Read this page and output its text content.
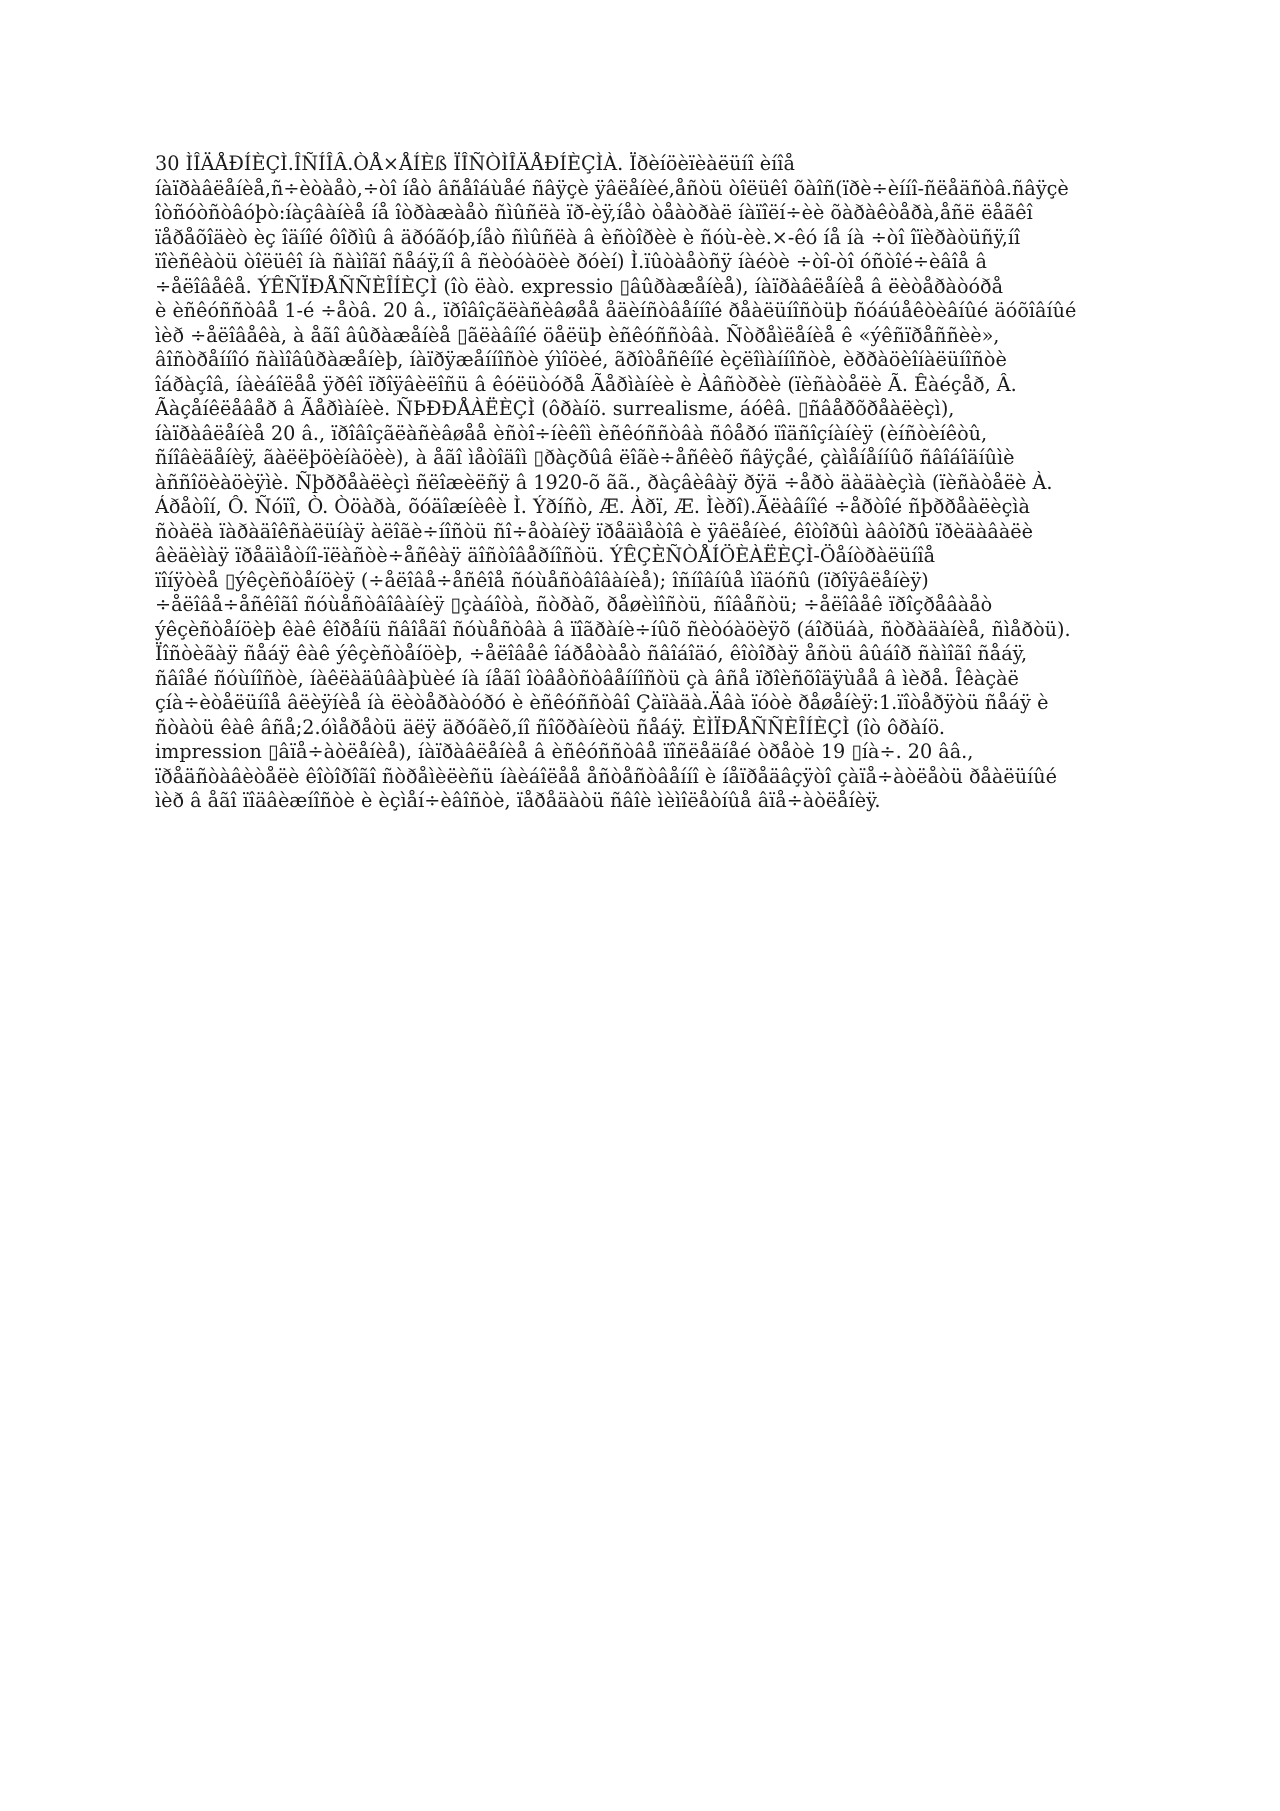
30 ÌÎÄÅÐÍÈÇÌ.ÎÑÍÎÂ.ÒÅ×ÅÍÈß ÏÎÑÒÌÎÄÅÐÍÈÇÌÀ. Ïðèíöèïèàëüíî èíîå
íàïðàâëåíèå,ñ÷èòàåò,÷òî íåò âñåîáùåé ñâÿçè ÿâëåíèé,åñòü òîëüêî õàîñ(ïðè÷èííî-ñëåäñòâ.ñâÿçè
îòñóòñòâóþò:íàçâàíèå íå îòðàæàåò ñìûñëà ïð-èÿ,íåò òåàòðàë íàïîëí÷èè õàðàêòåðà,åñë ëåãêî
ïåðåõîäèò èç îäíîé ôîðìû â äðóãóþ,íåò ñìûñëà â èñòîðèè è ñóù-èè.×-êó íå íà ÷òî îïèðàòüñÿ,íî
ïîèñêàòü òîëüêî íà ñàìîãî ñåáÿ,íî â ñèòóàöèè ðóèí) Ì.ïûòàåòñÿ íàéòè ÷òî-òî óñòîé÷èâîå â
÷åëîâåêå. ÝÊÑÏÐÅÑÑÈÎÍÈÇÌ (îò ëàò. expressio ▯âûðàæåíèå), íàïðàâëåíèå â ëèòåðàòóðå
è èñêóññòâå 1-é ÷åòâ. 20 â., ïðîâîçãëàñèâøåå åäèíñòâåííîé ðåàëüíîñòüþ ñóáúåêòèâíûé äóõîâíûé
ìèð ÷åëîâåêà, à åãî âûðàæåíèå ▯ãëàâíîé öåëüþ èñêóññòâà. Ñòðåìëåíèå ê «ýêñïðåññèè»,
âîñòðåííîó ñàìîâûðàæåíèþ, íàïðÿæåííîñòè ýìîöèé, ãðîòåñêíîé èçëîìàííîñòè, èððàöèîíàëüíîñòè
îáðàçîâ, íàèáîëåå ÿðêî ïðîÿâèëîñü â êóëüòóðå Ãåðìàíèè è Àâñòðèè (ïèñàòåëè Ã. Êàéçåð, Â.
Ãàçåíêëåâåð â Ãåðìàíèè. ÑÞÐÐÅÀËÈÇÌ (ôðàíö. surrealisme, áóêâ. ▯ñâåðõðåàëèçì),
íàïðàâëåíèå 20 â., ïðîâîçãëàñèâøåå èñòî÷íèêîì èñêóññòâà ñôåðó ïîäñîçíàíèÿ (èíñòèíêòû,
ñíîâèäåíèÿ, ãàëëþöèíàöèè), à åãî ìåòîäîì ▯ðàçðûâ ëîãè÷åñêèõ ñâÿçåé, çàìåíåííûõ ñâîáîäíûìè
àññîöèàöèÿìè. Ñþððåàëèçì ñëîæèëñÿ â 1920-õ ãã., ðàçâèâàÿ ðÿä ÷åðò äàäàèçìà (ïèñàòåëè À.
Áðåòîí, Ô. Ñóïî, Ò. Òöàðà, õóäîæíèêè Ì. Ýðíñò, Æ. Àðï, Æ. Ìèðî).Ãëàâíîé ÷åðòîé ñþððåàëèçìà
ñòàëà ïàðàäîêñàëüíàÿ àëîãè÷íîñòü ñî÷åòàíèÿ ïðåäìåòîâ è ÿâëåíèé, êîòîðûì àâòîðû ïðèäàâàëè
âèäèìàÿ ïðåäìåòíî-ïëàñòè÷åñêàÿ äîñòîâåðíîñòü. ÝÊÇÈÑÒÅÍÖÈÀËÈÇÌ-Öåíòðàëüíîå
ïîíÿòèå ▯ýêçèñòåíöèÿ (÷åëîâå÷åñêîå ñóùåñòâîâàíèå); îñíîâíûå ìîäóñû (ïðîÿâëåíèÿ)
÷åëîâå÷åñêîãî ñóùåñòâîâàíèÿ ▯çàáîòà, ñòðàõ, ðåøèìîñòü, ñîâåñòü; ÷åëîâåê ïðîçðåâàåò
ýêçèñòåíöèþ êàê êîðåíü ñâîåãî ñóùåñòâà â ïîãðàíè÷íûõ ñèòóàöèÿõ (áîðüáà, ñòðàäàíèå, ñìåðòü).
Ïîñòèãàÿ ñåáÿ êàê ýêçèñòåíöèþ, ÷åëîâåê îáðåòàåò ñâîáîäó, êîòîðàÿ åñòü âûáîð ñàìîãî ñåáÿ,
ñâîåé ñóùíîñòè, íàêëàäûâàþùèé íà íåãî îòâåòñòâåííîñòü çà âñå ïðîèñõîäÿùåå â ìèðå. Îêàçàë
çíà÷èòåëüíîå âëèÿíèå íà ëèòåðàòóðó è èñêóññòâî Çàïàäà.Äâà ïóòè ðåøåíèÿ:1.ïîòåðÿòü ñåáÿ è
ñòàòü êàê âñå;2.óìåðåòü äëÿ äðóãèõ,íî ñîõðàíèòü ñåáÿ. ÈÌÏÐÅÑÑÈÎÍÈÇÌ (îò ôðàíö.
impression ▯âïå÷àòëåíèå), íàïðàâëåíèå â èñêóññòâå ïîñëåäíåé òðåòè 19 ▯íà÷. 20 ââ.,
ïðåäñòàâèòåëè êîòîðîãî ñòðåìèëèñü íàèáîëåå åñòåñòâåííî è íåïðåäâçÿòî çàïå÷àòëåòü ðåàëüíûé
ìèð â åãî ïîäâèæíîñòè è èçìåí÷èâîñòè, ïåðåäàòü ñâîè ìèìîëåòíûå âïå÷àòëåíèÿ.
